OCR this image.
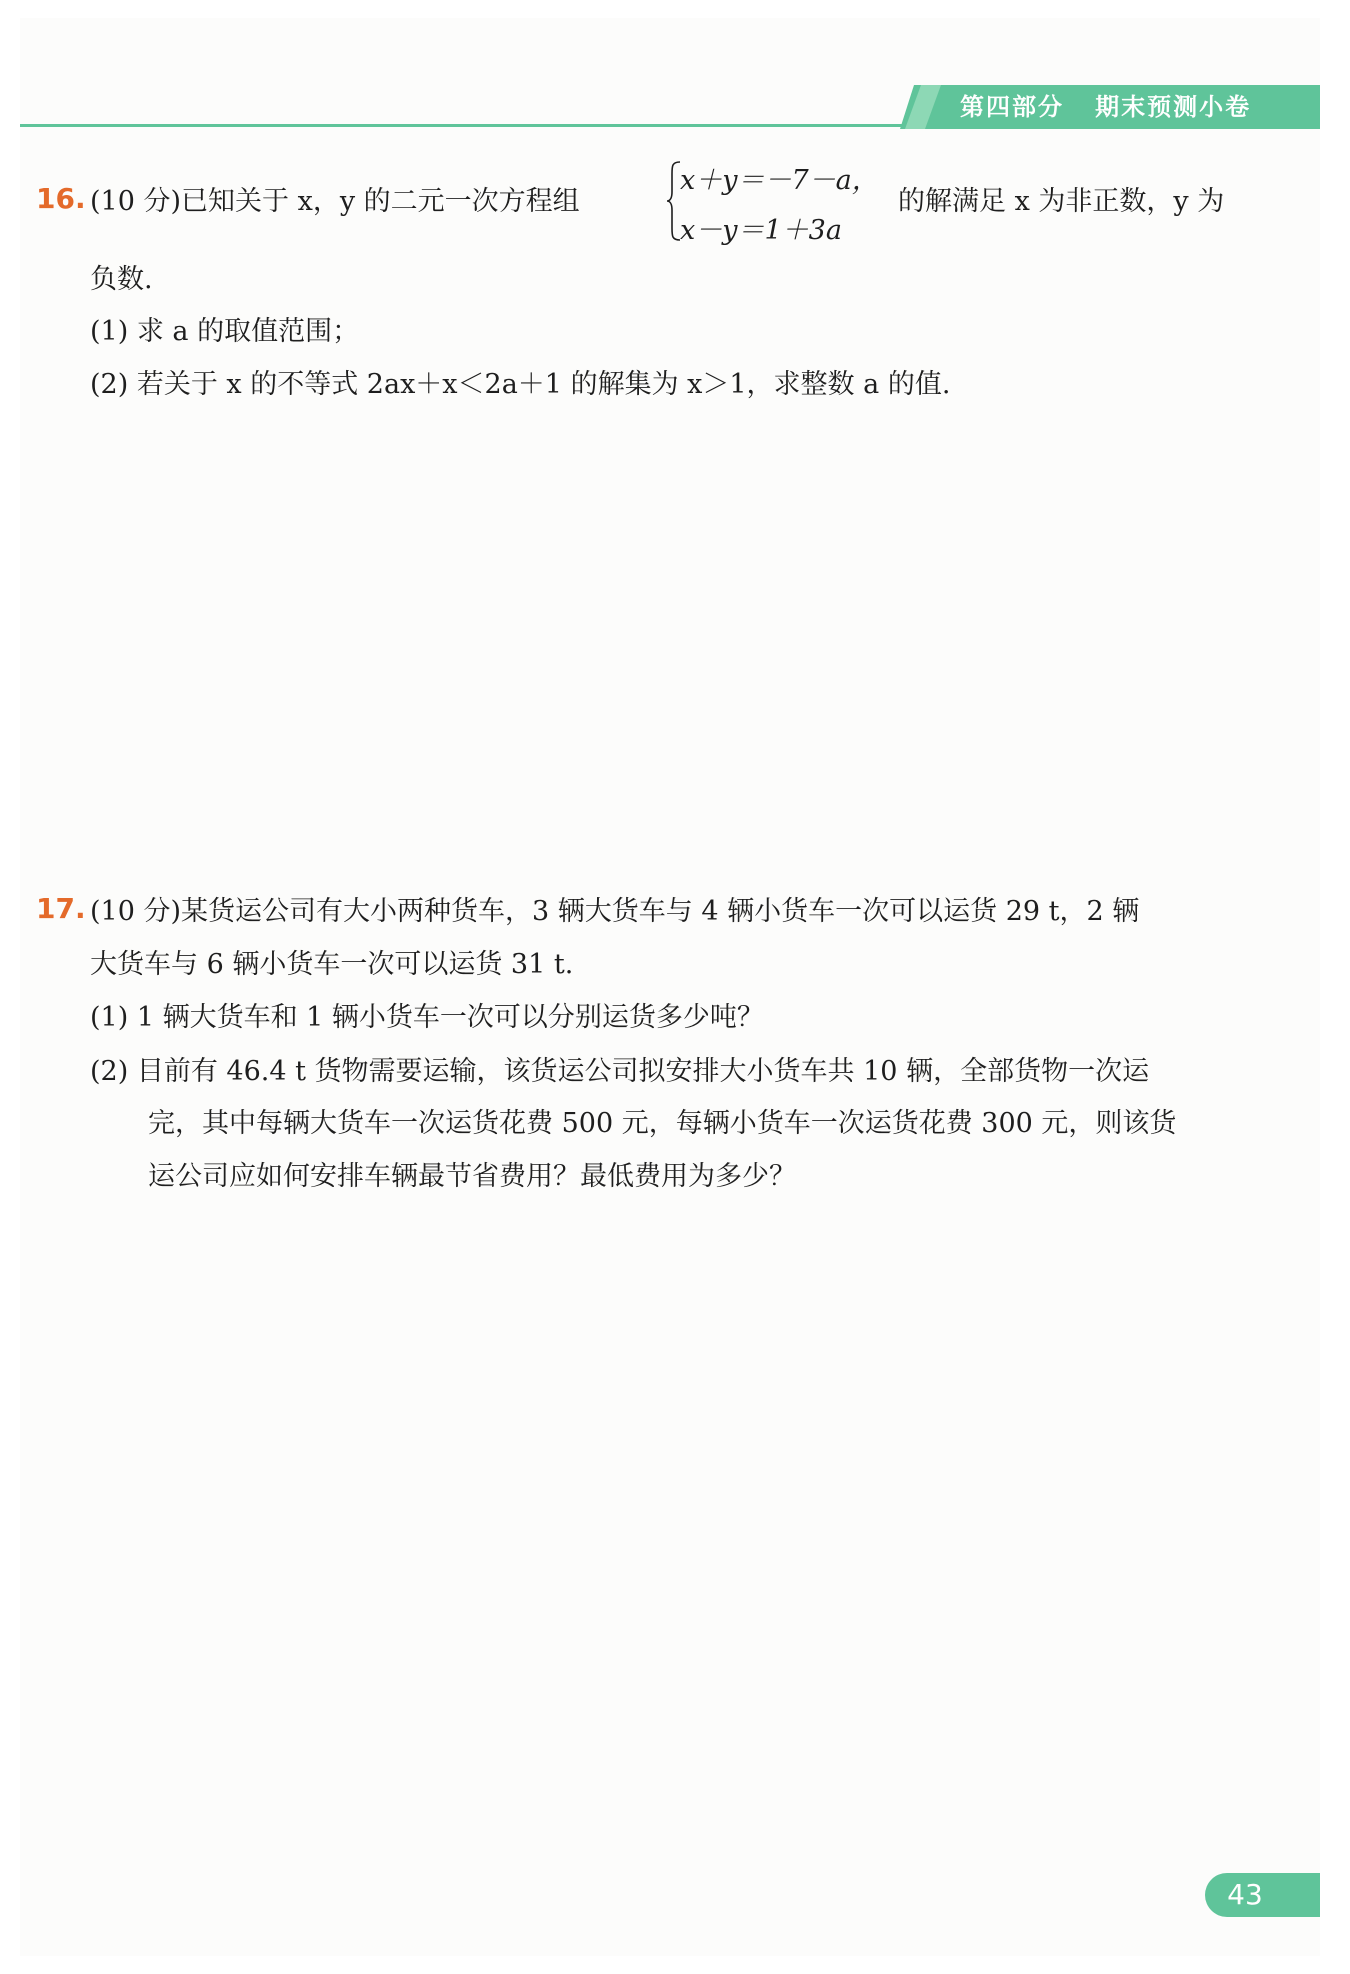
第四部分   期末预测小卷
16. (10 分)已知关于 x，y 的二元一次方程组
x＋y＝－7－a，
x－y＝1＋3a
的解满足 x 为非正数，y 为
负数.
(1) 求 a 的取值范围；
(2) 若关于 x 的不等式 2ax＋x＜2a＋1 的解集为 x＞1，求整数 a 的值.
17. (10 分)某货运公司有大小两种货车，3 辆大货车与 4 辆小货车一次可以运货 29 t，2 辆
大货车与 6 辆小货车一次可以运货 31 t.
(1) 1 辆大货车和 1 辆小货车一次可以分别运货多少吨？
(2) 目前有 46.4 t 货物需要运输，该货运公司拟安排大小货车共 10 辆，全部货物一次运
完，其中每辆大货车一次运货花费 500 元，每辆小货车一次运货花费 300 元，则该货
运公司应如何安排车辆最节省费用？最低费用为多少？
43
